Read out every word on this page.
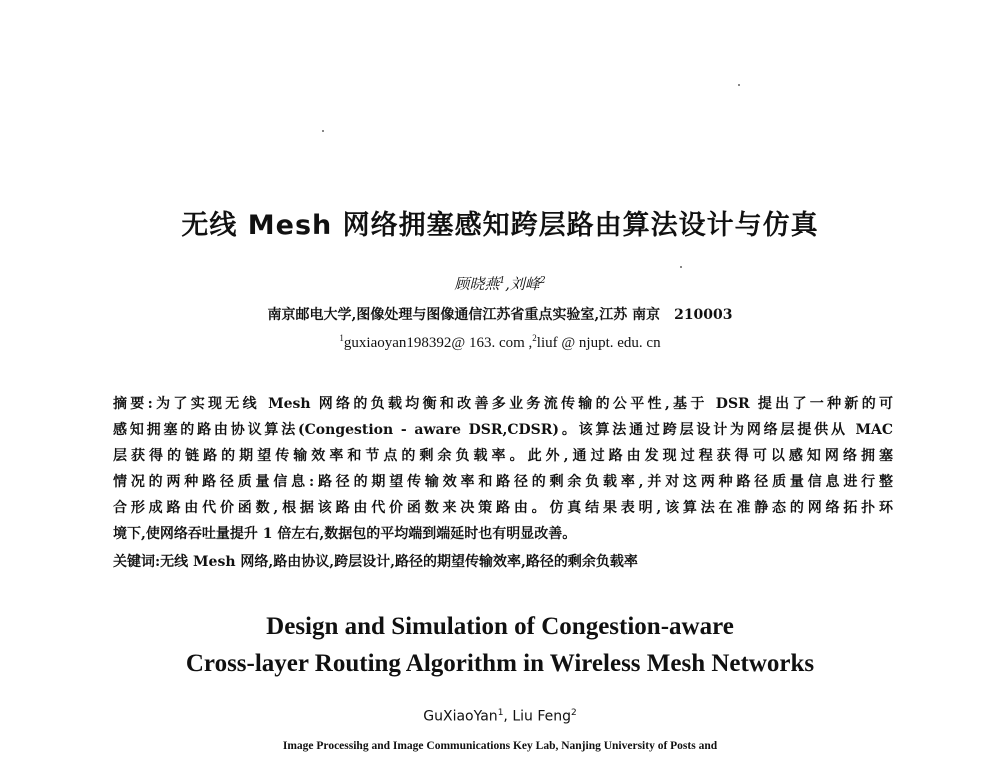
无线 Mesh 网络拥塞感知跨层路由算法设计与仿真
顾晓燕$^1$,刘峰$^2$
南京邮电大学,图像处理与图像通信江苏省重点实验室,江苏 南京　210003
$^1$guxiaoyan198392@ 163. com ,$^2$liuf @ njupt. edu. cn
摘要:为了实现无线 Mesh 网络的负载均衡和改善多业务流传输的公平性,基于 DSR 提出了一种新的可
感知拥塞的路由协议算法(Congestion - aware DSR,CDSR)。该算法通过跨层设计为网络层提供从 MAC
层获得的链路的期望传输效率和节点的剩余负载率。此外,通过路由发现过程获得可以感知网络拥塞
情况的两种路径质量信息:路径的期望传输效率和路径的剩余负载率,并对这两种路径质量信息进行整
合形成路由代价函数,根据该路由代价函数来决策路由。仿真结果表明,该算法在准静态的网络拓扑环
境下,使网络吞吐量提升 1 倍左右,数据包的平均端到端延时也有明显改善。
关键词:无线 Mesh 网络,路由协议,跨层设计,路径的期望传输效率,路径的剩余负载率
Design and Simulation of Congestion-aware
Cross-layer Routing Algorithm in Wireless Mesh Networks
GuXiaoYan$^1$, Liu Feng$^2$
Image Processihg and Image Communications Key Lab, Nanjing University of Posts and
